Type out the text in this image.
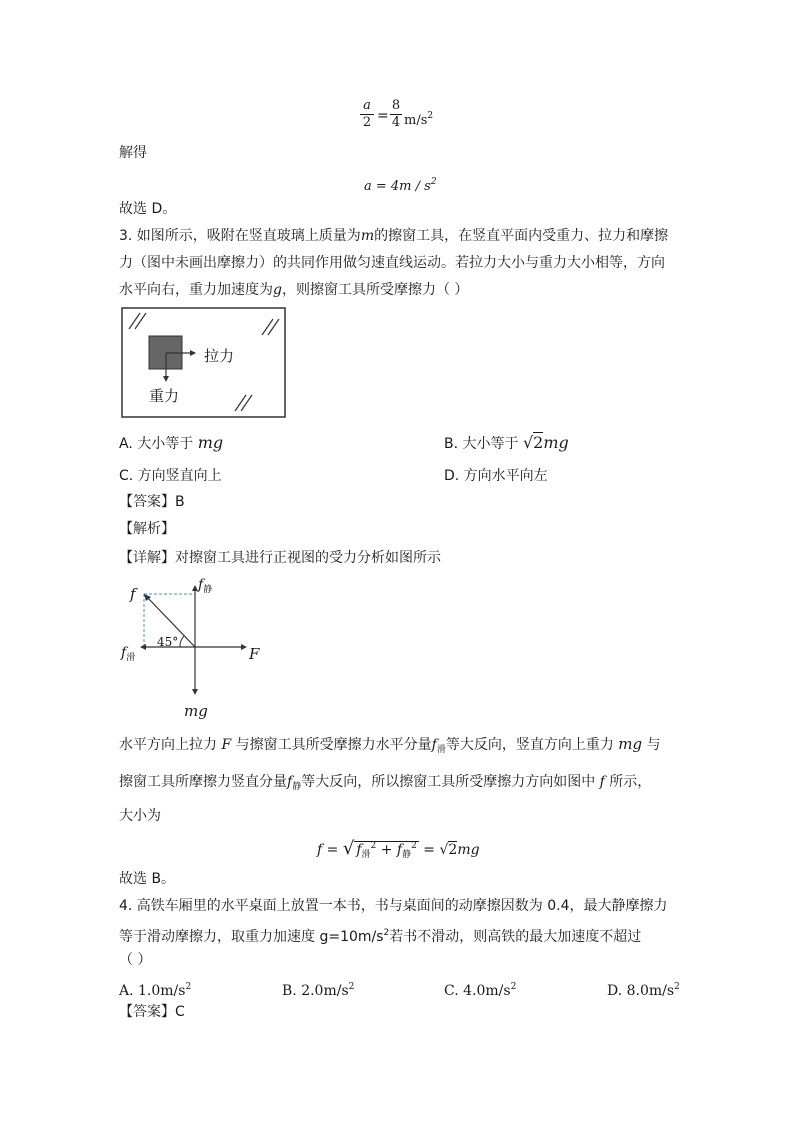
a
2 =
8
4 $m/s^2$
解得
$a = 4m / s^2$
故选 D。
3. 如图所示，吸附在竖直玻璃上质量为m的擦窗工具，在竖直平面内受重力、拉力和摩擦
力（图中未画出摩擦力）的共同作用做匀速直线运动。若拉力大小与重力大小相等，方向
水平向右，重力加速度为g，则擦窗工具所受摩擦力（ ）
拉力
重力
A. 大小等于 mg	B. 大小等于 √2mg
C. 方向竖直向上	D. 方向水平向左
【答案】B
【解析】
【详解】对擦窗工具进行正视图的受力分析如图所示
f	$f_静$
$f_滑$	F
45°
mg
水平方向上拉力 F 与擦窗工具所受摩擦力水平分量$f_滑$等大反向，竖直方向上重力 mg 与
擦窗工具所摩擦力竖直分量$f_静$等大反向，所以擦窗工具所受摩擦力方向如图中 f 所示，
大小为
f = √ $f_滑^2 + f_静^2 = √2mg$
故选 B。
4. 高铁车厢里的水平桌面上放置一本书，书与桌面间的动摩擦因数为 0.4，最大静摩擦力
等于滑动摩擦力，取重力加速度 $g=10m/s^2$若书不滑动，则高铁的最大加速度不超过
（ ）
A. $1.0m/s^2$	B. $2.0m/s^2$	C. $4.0m/s^2$	D. $8.0m/s^2$
【答案】C
